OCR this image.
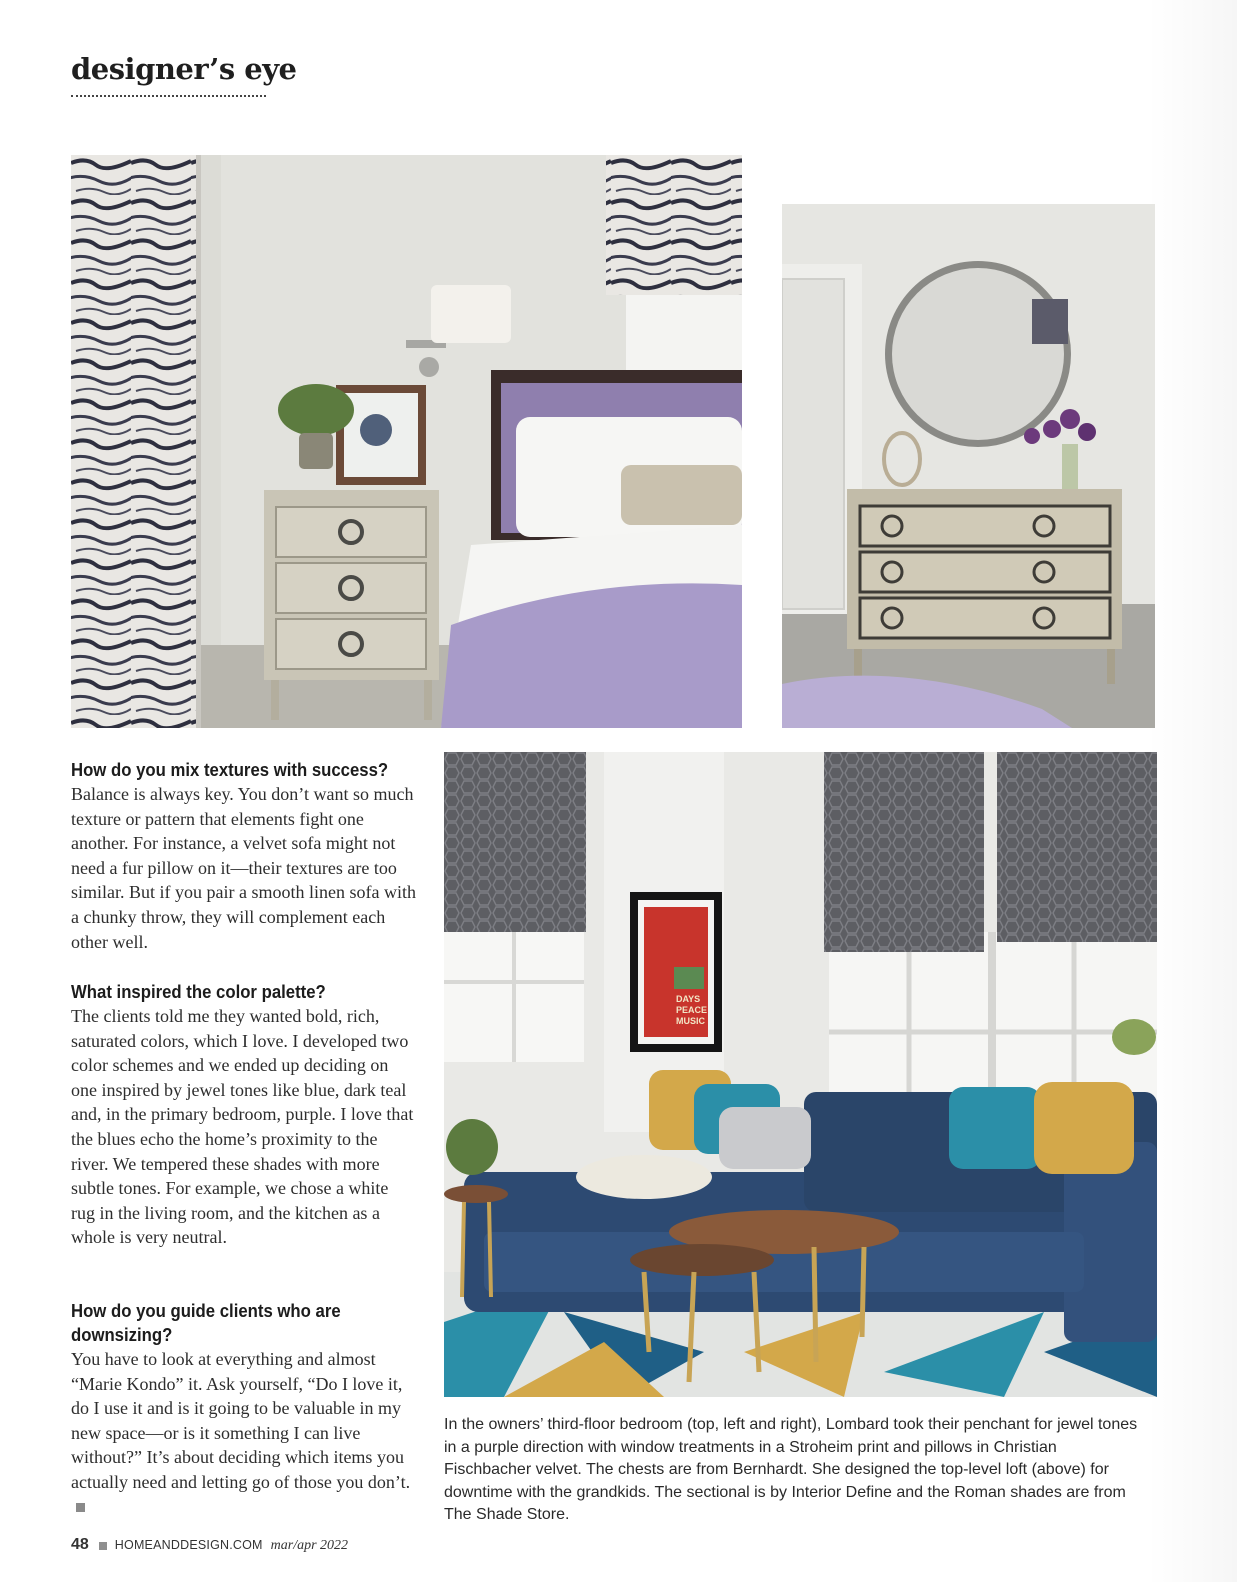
designer’s eye
DAYS
PEACE
MUSIC
How do you mix textures with success?

Balance is always key. You don’t want so much texture or pattern that elements fight one another. For instance, a velvet sofa might not need a fur pillow on it—their textures are too similar. But if you pair a smooth linen sofa with a chunky throw, they will complement each other well.

What inspired the color palette?

The clients told me they wanted bold, rich, saturated colors, which I love. I developed two color schemes and we ended up deciding on one inspired by jewel tones like blue, dark teal and, in the primary bedroom, purple. I love that the blues echo the home’s proximity to the river. We tempered these shades with more subtle tones. For example, we chose a white rug in the living room, and the kitchen as a whole is very neutral.

How do you guide clients who are downsizing?

You have to look at everything and almost “Marie Kondo” it. Ask yourself, “Do I love it, do I use it and is it going to be valuable in my new space—or is it something I can live without?” It’s about deciding which items you actually need and letting go of those you don’t.

In the owners’ third-floor bedroom (top, left and right), Lombard took their penchant for jewel tones in a purple direction with window treatments in a Stroheim print and pillows in Christian Fischbacher velvet. The chests are from Bernhardt. She designed the top-level loft (above) for downtime with the grandkids. The sectional is by Interior Define and the Roman shades are from The Shade Store.

48 HOMEANDDESIGN.COM mar/apr 2022
